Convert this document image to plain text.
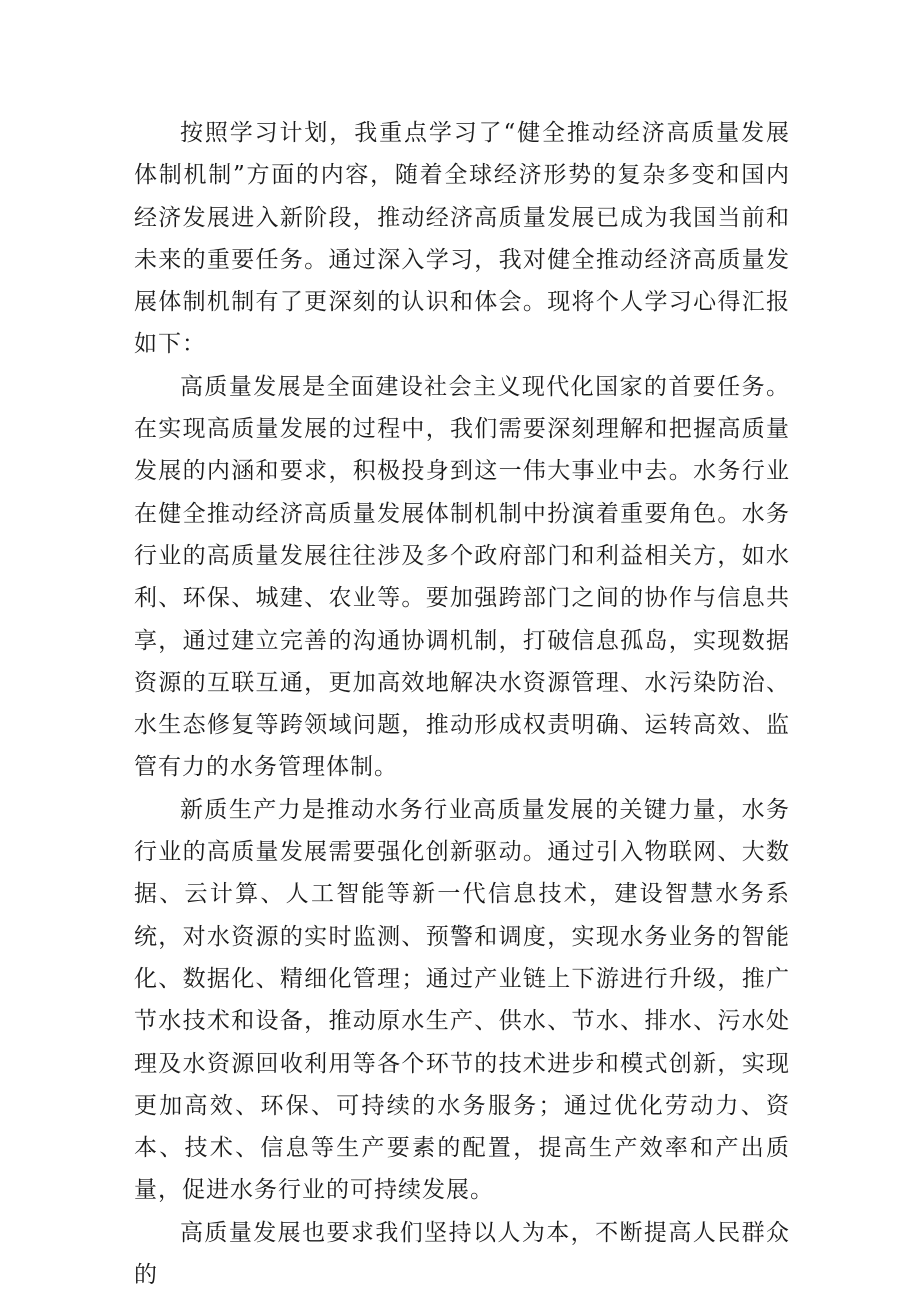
按照学习计划，我重点学习了“健全推动经济高质量发展体制机制”方面的内容，随着全球经济形势的复杂多变和国内经济发展进入新阶段，推动经济高质量发展已成为我国当前和未来的重要任务。通过深入学习，我对健全推动经济高质量发展体制机制有了更深刻的认识和体会。现将个人学习心得汇报如下：

高质量发展是全面建设社会主义现代化国家的首要任务。在实现高质量发展的过程中，我们需要深刻理解和把握高质量发展的内涵和要求，积极投身到这一伟大事业中去。水务行业在健全推动经济高质量发展体制机制中扮演着重要角色。水务行业的高质量发展往往涉及多个政府部门和利益相关方，如水利、环保、城建、农业等。要加强跨部门之间的协作与信息共享，通过建立完善的沟通协调机制，打破信息孤岛，实现数据资源的互联互通，更加高效地解决水资源管理、水污染防治、水生态修复等跨领域问题，推动形成权责明确、运转高效、监管有力的水务管理体制。

新质生产力是推动水务行业高质量发展的关键力量，水务行业的高质量发展需要强化创新驱动。通过引入物联网、大数据、云计算、人工智能等新一代信息技术，建设智慧水务系统，对水资源的实时监测、预警和调度，实现水务业务的智能化、数据化、精细化管理；通过产业链上下游进行升级，推广节水技术和设备，推动原水生产、供水、节水、排水、污水处理及水资源回收利用等各个环节的技术进步和模式创新，实现更加高效、环保、可持续的水务服务；通过优化劳动力、资本、技术、信息等生产要素的配置，提高生产效率和产出质量，促进水务行业的可持续发展。

高质量发展也要求我们坚持以人为本，不断提高人民群众的
